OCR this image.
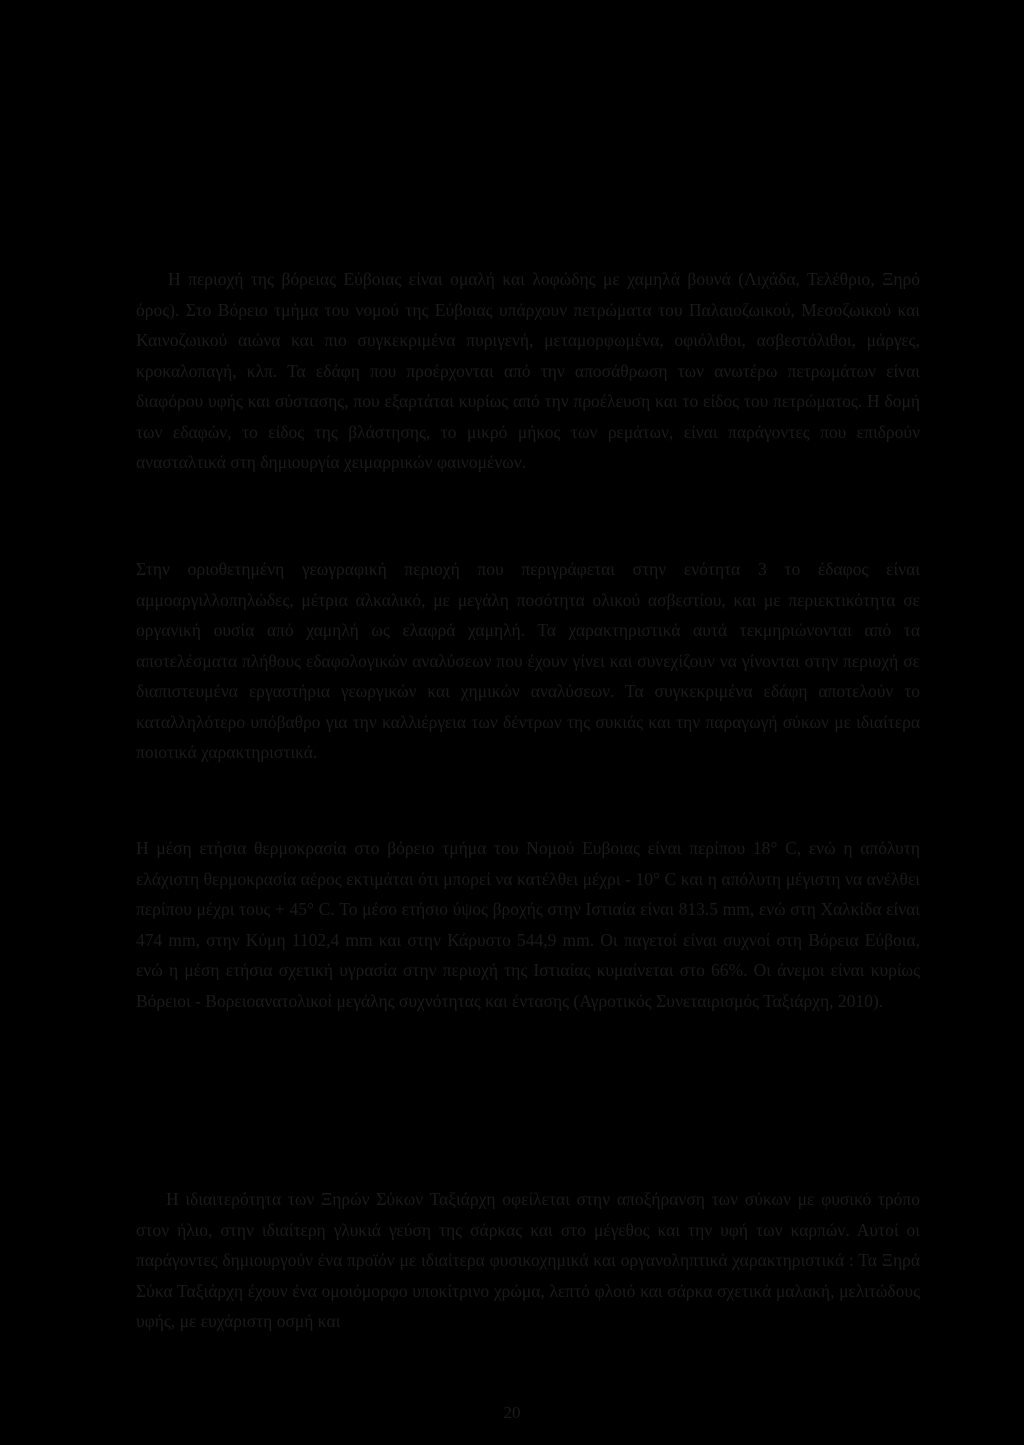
3.5. Δεσμός
Α. Ιδιαιτερότητες της γεωγραφικής περιοχής.

Η περιοχή της βόρειας Εύβοιας είναι ομαλή και λοφώδης με χαμηλά βουνά (Λιχάδα, Τελέθριο, Ξηρό όρος). Στο Βόρειο τμήμα του νομού της Εύβοιας υπάρχουν πετρώματα του Παλαιοζωικού, Μεσοζωικού και Καινοζωικού αιώνα και πιο συγκεκριμένα πυριγενή, μεταμορφωμένα, οφιόλιθοι, ασβεστόλιθοι, μάργες, κροκαλοπαγή, κλπ. Τα εδάφη που προέρχονται από την αποσάθρωση των ανωτέρω πετρωμάτων είναι διαφόρου υφής και σύστασης, που εξαρτάται κυρίως από την προέλευση και το είδος του πετρώματος. Η δομή των εδαφών, το είδος της βλάστησης, το μικρό μήκος των ρεμάτων, είναι παράγοντες που επιδρούν ανασταλτικά στη δημιουργία χειμαρρικών φαινομένων.

Στην οριοθετημένη γεωγραφική περιοχή που περιγράφεται στην ενότητα 3 το έδαφος είναι αμμοαργιλλοπηλώδες, μέτρια αλκαλικό, με μεγάλη ποσότητα ολικού ασβεστίου, και με περιεκτικότητα σε οργανική ουσία από χαμηλή ως ελαφρά χαμηλή. Τα χαρακτηριστικά αυτά τεκμηριώνονται από τα αποτελέσματα πλήθους εδαφολογικών αναλύσεων που έχουν γίνει και συνεχίζουν να γίνονται στην περιοχή σε διαπιστευμένα εργαστήρια γεωργικών και χημικών αναλύσεων. Τα συγκεκριμένα εδάφη αποτελούν το καταλληλότερο υπόβαθρο για την καλλιέργεια των δέντρων της συκιάς και την παραγωγή σύκων με ιδιαίτερα ποιοτικά χαρακτηριστικά.

Η μέση ετήσια θερμοκρασία στο βόρειο τμήμα του Νομού Ευβοιας είναι περίπου 18° C, ενώ η απόλυτη ελάχιστη θερμοκρασία αέρος εκτιμάται ότι μπορεί να κατέλθει μέχρι - 10° C και η απόλυτη μέγιστη να ανέλθει περίπου μέχρι τους + 45° C. Το μέσο ετήσιο ύψος βροχής στην Ιστιαία είναι 813.5 mm, ενώ στη Χαλκίδα είναι 474 mm, στην Κύμη 1102,4 mm και στην Κάρυστο 544,9 mm. Οι παγετοί είναι συχνοί στη Βόρεια Εύβοια, ενώ η μέση ετήσια σχετική υγρασία στην περιοχή της Ιστιαίας κυμαίνεται στο 66%. Οι άνεμοι είναι κυρίως Βόρειοι - Βορειοανατολικοί μεγάλης συχνότητας και έντασης (Αγροτικός Συνεταιρισμός Ταξιάρχη, 2010).

Β. Ιδιαιτερότητα του προϊόντος.

Η ιδιαιτερότητα των Ξηρών Σύκων Ταξιάρχη οφείλεται στην αποξήρανση των σύκων με φυσικό τρόπο στον ήλιο, στην ιδιαίτερη γλυκιά γεύση της σάρκας και στο μέγεθος και την υφή των καρπών. Αυτοί οι παράγοντες δημιουργούν ένα προϊόν με ιδιαίτερα φυσικοχημικά και οργανοληπτικά χαρακτηριστικά : Τα Ξηρά Σύκα Ταξιάρχη έχουν ένα ομοιόμορφο υποκίτρινο χρώμα, λεπτό φλοιό και σάρκα σχετικά μαλακή, μελιτώδους υφής, με ευχάριστη οσμή και

20
